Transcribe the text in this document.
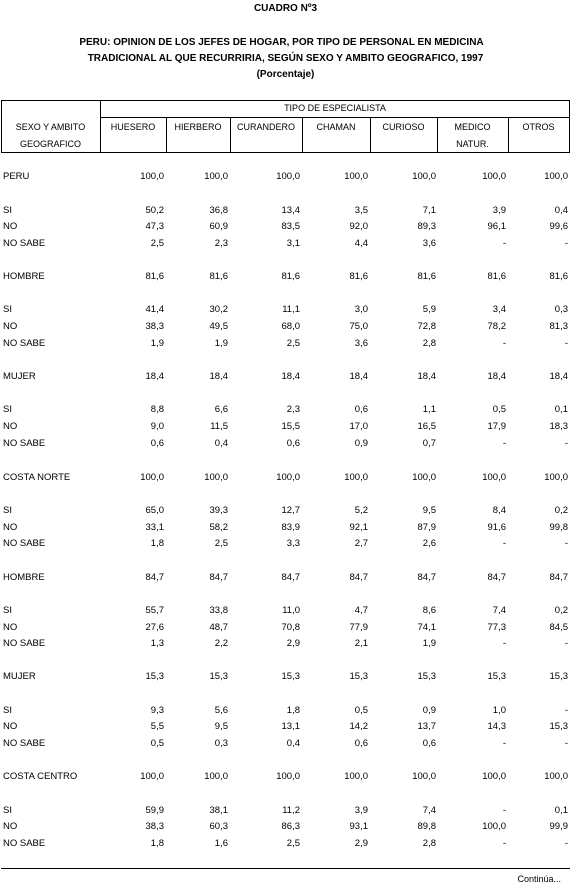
CUADRO Nº3
PERU: OPINION DE LOS JEFES DE HOGAR, POR TIPO DE PERSONAL EN MEDICINA
TRADICIONAL AL QUE RECURRIRIA, SEGÚN SEXO Y AMBITO GEOGRAFICO, 1997
(Porcentaje)
SEXO Y AMBITO
GEOGRAFICO
TIPO DE ESPECIALISTA
HUESERO	HIERBERO	CURANDERO	CHAMAN	CURIOSO	MEDICO
NATUR.
OTROS
PERU	100,0	100,0	100,0	100,0	100,0	100,0	100,0
SI	50,2	36,8	13,4	3,5	7,1	3,9	0,4
NO	47,3	60,9	83,5	92,0	89,3	96,1	99,6
NO SABE	2,5	2,3	3,1	4,4	3,6	-	-
HOMBRE	81,6	81,6	81,6	81,6	81,6	81,6	81,6
SI	41,4	30,2	11,1	3,0	5,9	3,4	0,3
NO	38,3	49,5	68,0	75,0	72,8	78,2	81,3
NO SABE	1,9	1,9	2,5	3,6	2,8	-	-
MUJER	18,4	18,4	18,4	18,4	18,4	18,4	18,4
SI	8,8	6,6	2,3	0,6	1,1	0,5	0,1
NO	9,0	11,5	15,5	17,0	16,5	17,9	18,3
NO SABE	0,6	0,4	0,6	0,9	0,7	-	-
COSTA NORTE	100,0	100,0	100,0	100,0	100,0	100,0	100,0
SI	65,0	39,3	12,7	5,2	9,5	8,4	0,2
NO	33,1	58,2	83,9	92,1	87,9	91,6	99,8
NO SABE	1,8	2,5	3,3	2,7	2,6	-	-
HOMBRE	84,7	84,7	84,7	84,7	84,7	84,7	84,7
SI	55,7	33,8	11,0	4,7	8,6	7,4	0,2
NO	27,6	48,7	70,8	77,9	74,1	77,3	84,5
NO SABE	1,3	2,2	2,9	2,1	1,9	-	-
MUJER	15,3	15,3	15,3	15,3	15,3	15,3	15,3
SI	9,3	5,6	1,8	0,5	0,9	1,0	-
NO	5,5	9,5	13,1	14,2	13,7	14,3	15,3
NO SABE	0,5	0,3	0,4	0,6	0,6	-	-
COSTA CENTRO	100,0	100,0	100,0	100,0	100,0	100,0	100,0
SI	59,9	38,1	11,2	3,9	7,4	-	0,1
NO	38,3	60,3	86,3	93,1	89,8	100,0	99,9
NO SABE	1,8	1,6	2,5	2,9	2,8	-	-
Continúa...
